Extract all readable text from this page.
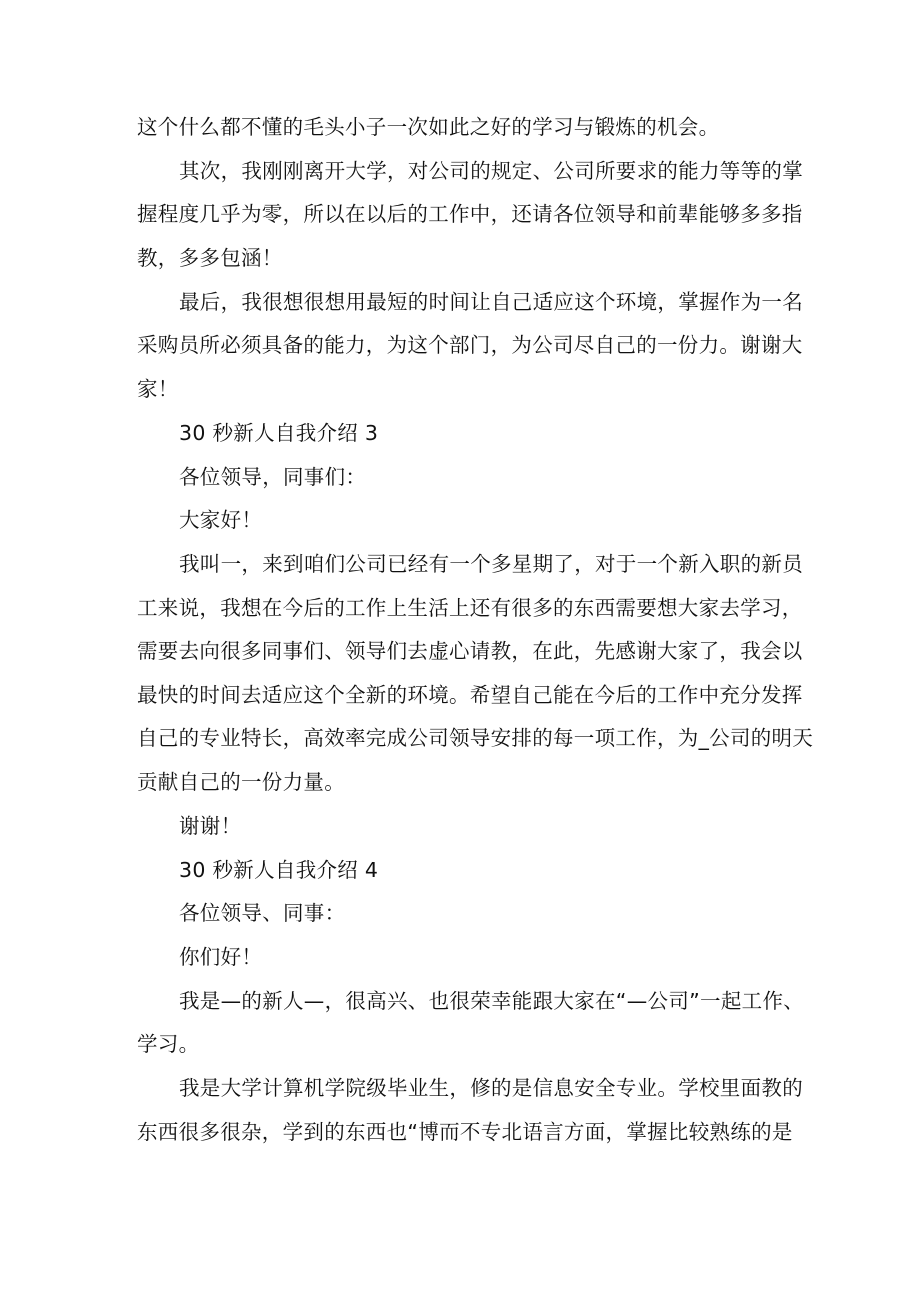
这个什么都不懂的毛头小子一次如此之好的学习与锻炼的机会。
其次，我刚刚离开大学，对公司的规定、公司所要求的能力等等的掌
握程度几乎为零，所以在以后的工作中，还请各位领导和前辈能够多多指
教，多多包涵！
最后，我很想很想用最短的时间让自己适应这个环境，掌握作为一名
采购员所必须具备的能力，为这个部门，为公司尽自己的一份力。谢谢大
家！
30 秒新人自我介绍 3
各位领导，同事们：
大家好！
我叫一，来到咱们公司已经有一个多星期了，对于一个新入职的新员
工来说，我想在今后的工作上生活上还有很多的东西需要想大家去学习，
需要去向很多同事们、领导们去虚心请教，在此，先感谢大家了，我会以
最快的时间去适应这个全新的环境。希望自己能在今后的工作中充分发挥
自己的专业特长，高效率完成公司领导安排的每一项工作，为_公司的明天
贡献自己的一份力量。
谢谢！
30 秒新人自我介绍 4
各位领导、同事：
你们好！
我是—的新人—，很高兴、也很荣幸能跟大家在“—公司”一起工作、
学习。
我是大学计算机学院级毕业生，修的是信息安全专业。学校里面教的
东西很多很杂，学到的东西也“博而不专北语言方面，掌握比较熟练的是
